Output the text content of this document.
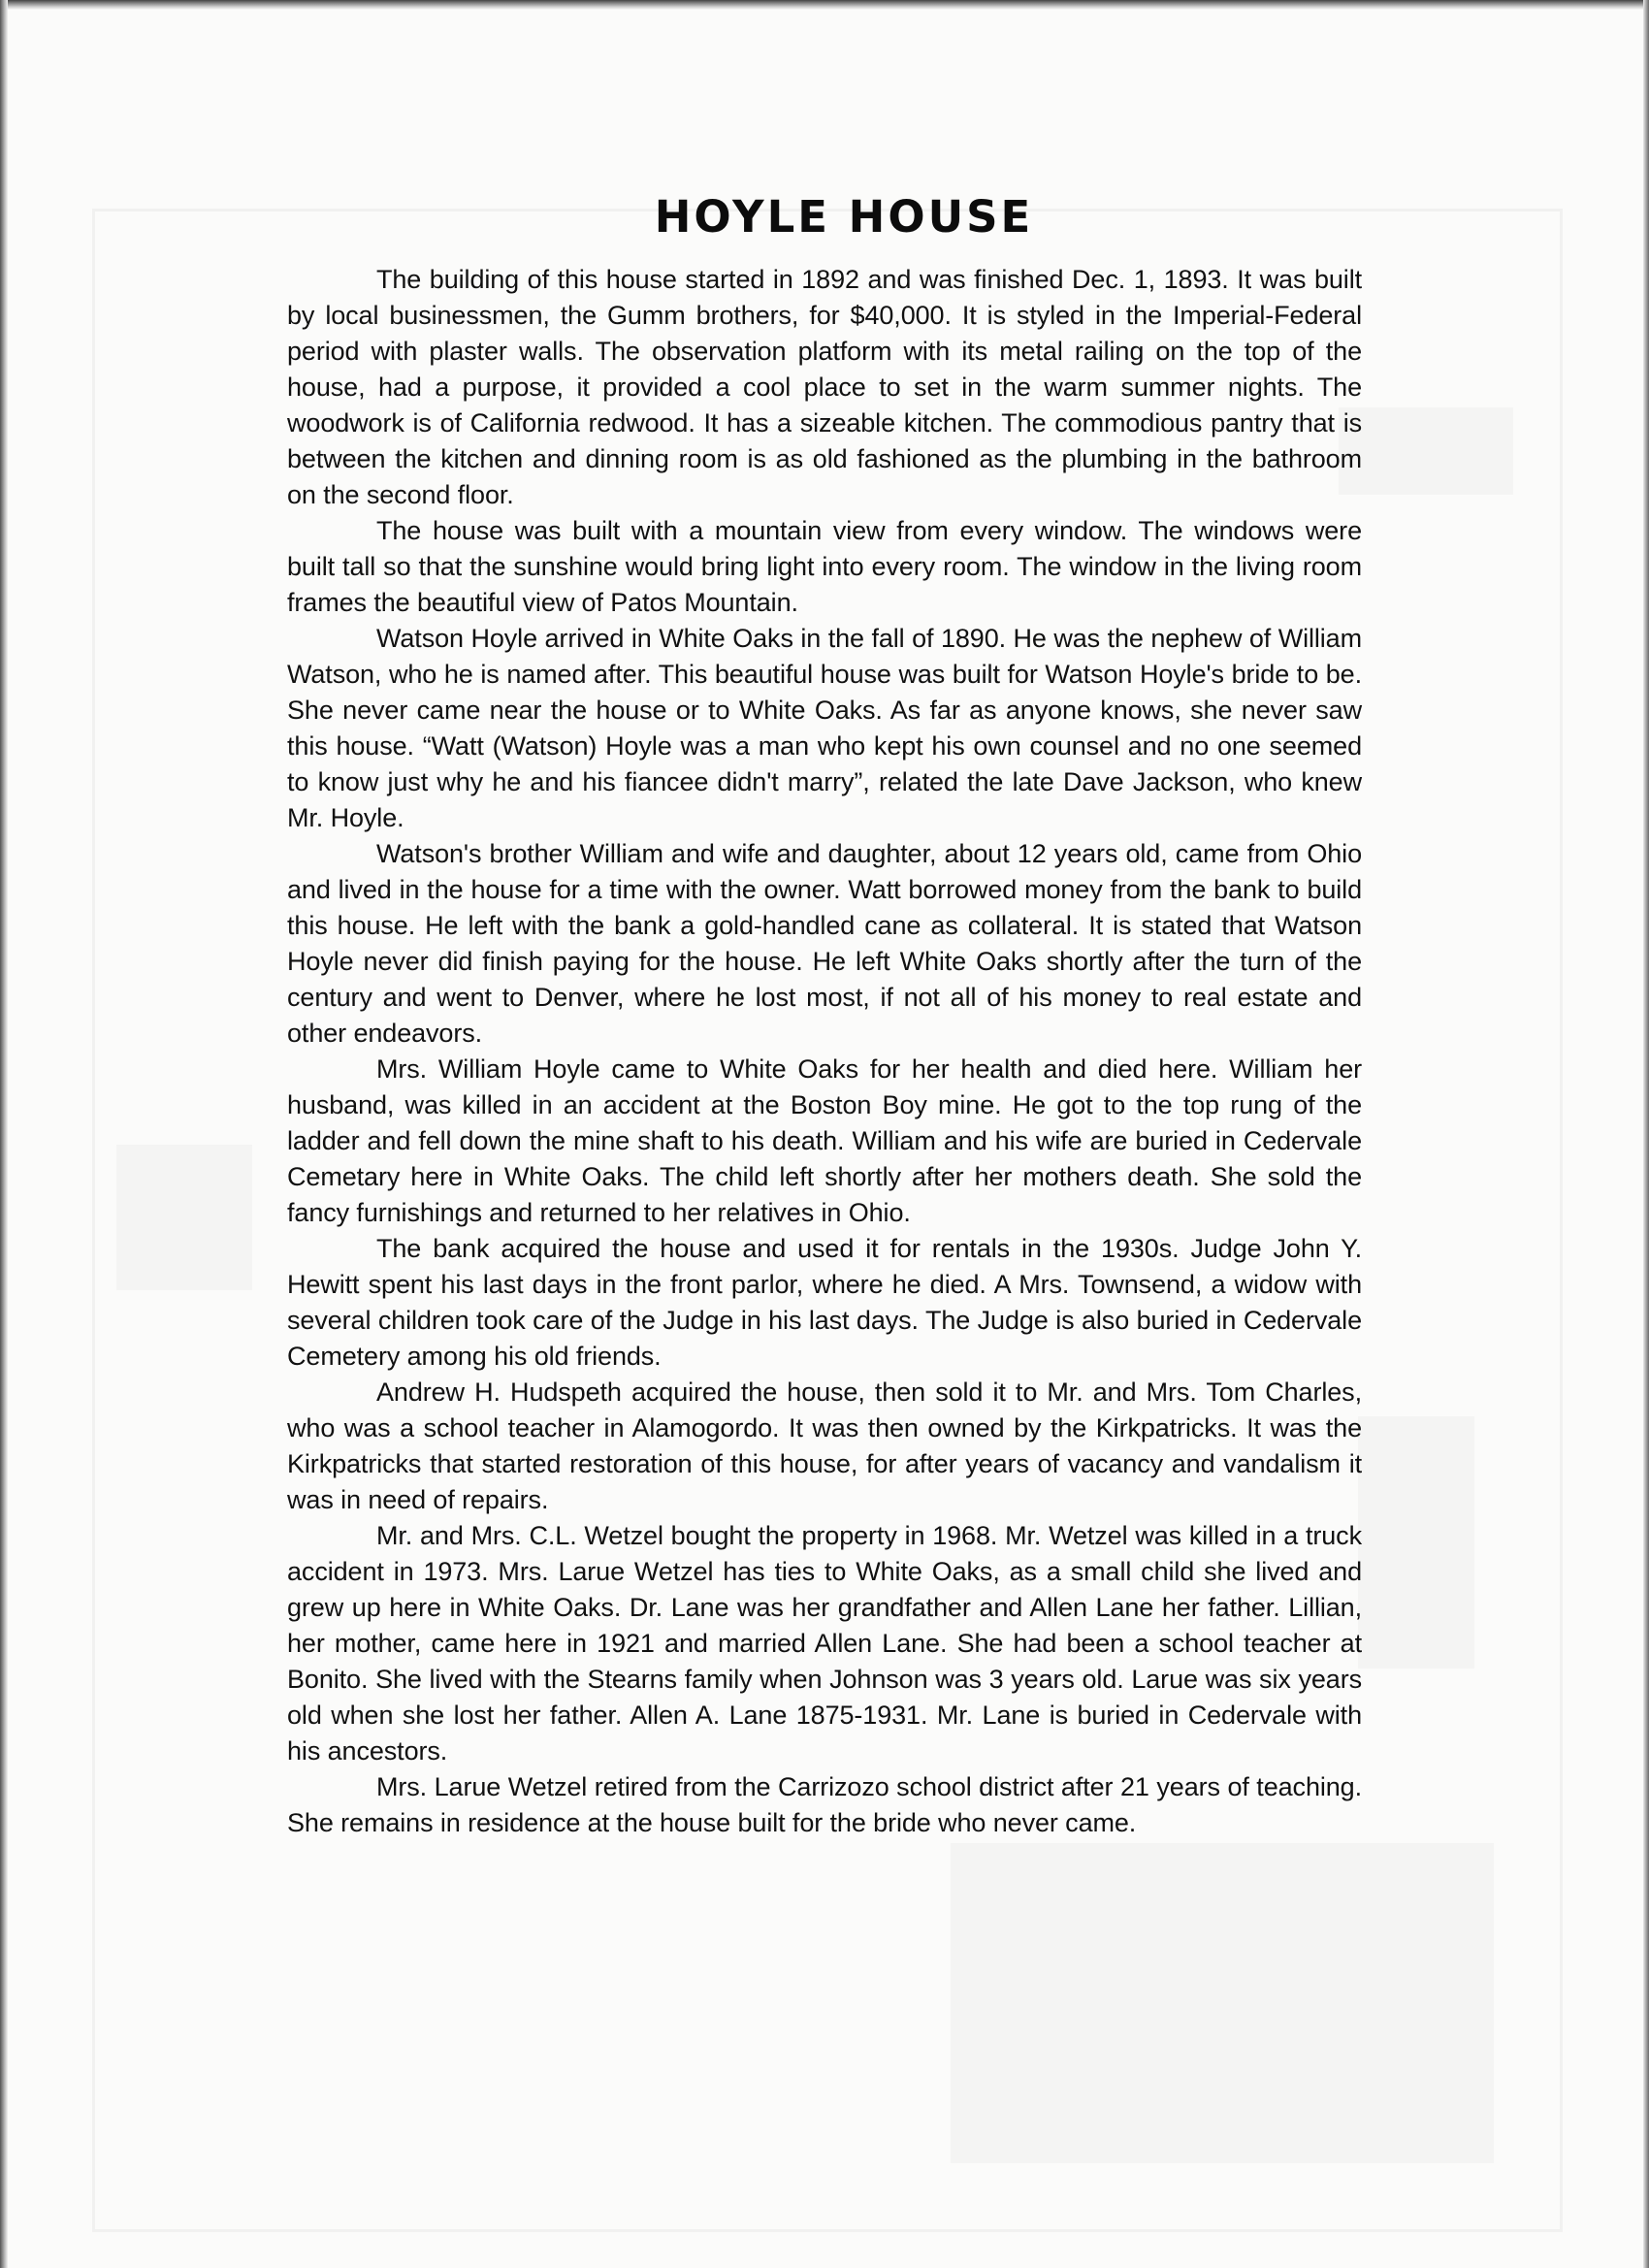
HOYLE HOUSE

The building of this house started in 1892 and was finished Dec. 1, 1893. It was built by local businessmen, the Gumm brothers, for $40,000. It is styled in the Imperial-Federal period with plaster walls. The observation platform with its metal railing on the top of the house, had a purpose, it provided a cool place to set in the warm summer nights. The woodwork is of California redwood. It has a sizeable kitchen. The commodious pantry that is between the kitchen and dinning room is as old fashioned as the plumbing in the bathroom on the second floor.

The house was built with a mountain view from every window. The windows were built tall so that the sunshine would bring light into every room. The window in the living room frames the beautiful view of Patos Mountain.

Watson Hoyle arrived in White Oaks in the fall of 1890. He was the nephew of William Watson, who he is named after. This beautiful house was built for Watson Hoyle's bride to be. She never came near the house or to White Oaks. As far as anyone knows, she never saw this house. “Watt (Watson) Hoyle was a man who kept his own counsel and no one seemed to know just why he and his fiancee didn't marry”, related the late Dave Jackson, who knew Mr. Hoyle.

Watson's brother William and wife and daughter, about 12 years old, came from Ohio and lived in the house for a time with the owner. Watt borrowed money from the bank to build this house. He left with the bank a gold-handled cane as collateral. It is stated that Watson Hoyle never did finish paying for the house. He left White Oaks shortly after the turn of the century and went to Denver, where he lost most, if not all of his money to real estate and other endeavors.

Mrs. William Hoyle came to White Oaks for her health and died here. William her husband, was killed in an accident at the Boston Boy mine. He got to the top rung of the ladder and fell down the mine shaft to his death. William and his wife are buried in Cedervale Cemetary here in White Oaks. The child left shortly after her mothers death. She sold the fancy furnishings and returned to her relatives in Ohio.

The bank acquired the house and used it for rentals in the 1930s. Judge John Y. Hewitt spent his last days in the front parlor, where he died. A Mrs. Townsend, a widow with several children took care of the Judge in his last days. The Judge is also buried in Cedervale Cemetery among his old friends.

Andrew H. Hudspeth acquired the house, then sold it to Mr. and Mrs. Tom Charles, who was a school teacher in Alamogordo. It was then owned by the Kirkpatricks. It was the Kirkpatricks that started restoration of this house, for after years of vacancy and vandalism it was in need of repairs.

Mr. and Mrs. C.L. Wetzel bought the property in 1968. Mr. Wetzel was killed in a truck accident in 1973. Mrs. Larue Wetzel has ties to White Oaks, as a small child she lived and grew up here in White Oaks. Dr. Lane was her grandfather and Allen Lane her father. Lillian, her mother, came here in 1921 and married Allen Lane. She had been a school teacher at Bonito. She lived with the Stearns family when Johnson was 3 years old. Larue was six years old when she lost her father. Allen A. Lane 1875-1931. Mr. Lane is buried in Cedervale with his ancestors.

Mrs. Larue Wetzel retired from the Carrizozo school district after 21 years of teaching. She remains in residence at the house built for the bride who never came.
